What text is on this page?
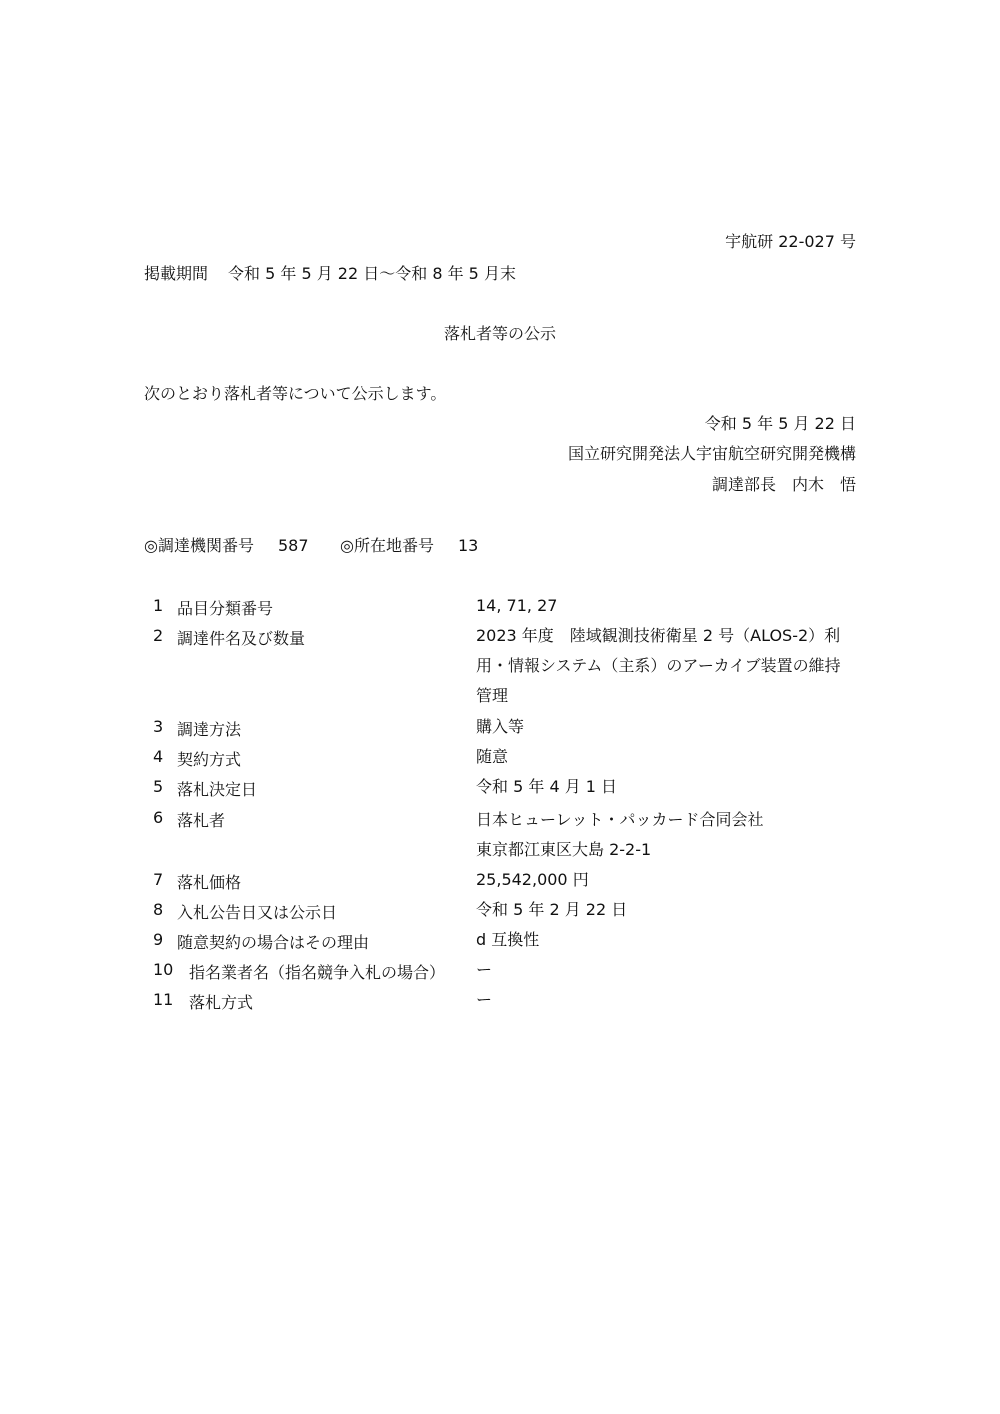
宇航研 22-027 号
掲載期間 令和 5 年 5 月 22 日～令和 8 年 5 月末
落札者等の公示
次のとおり落札者等について公示します。
令和 5 年 5 月 22 日
国立研究開発法人宇宙航空研究開発機構
調達部長　内木　悟
◎調達機関番号 587 ◎所在地番号 13
1 品目分類番号	14, 71, 27
2 調達件名及び数量	2023 年度　陸域観測技術衛星 2 号（ALOS-2）利
用・情報システム（主系）のアーカイブ装置の維持
管理
3 調達方法	購入等
4 契約方式	随意
5 落札決定日	令和 5 年 4 月 1 日
6 落札者	日本ヒューレット・パッカード合同会社
東京都江東区大島 2-2-1
7 落札価格	25,542,000 円
8 入札公告日又は公示日	令和 5 年 2 月 22 日
9 随意契約の場合はその理由	d 互換性
10 指名業者名（指名競争入札の場合） ー
11 落札方式	ー
